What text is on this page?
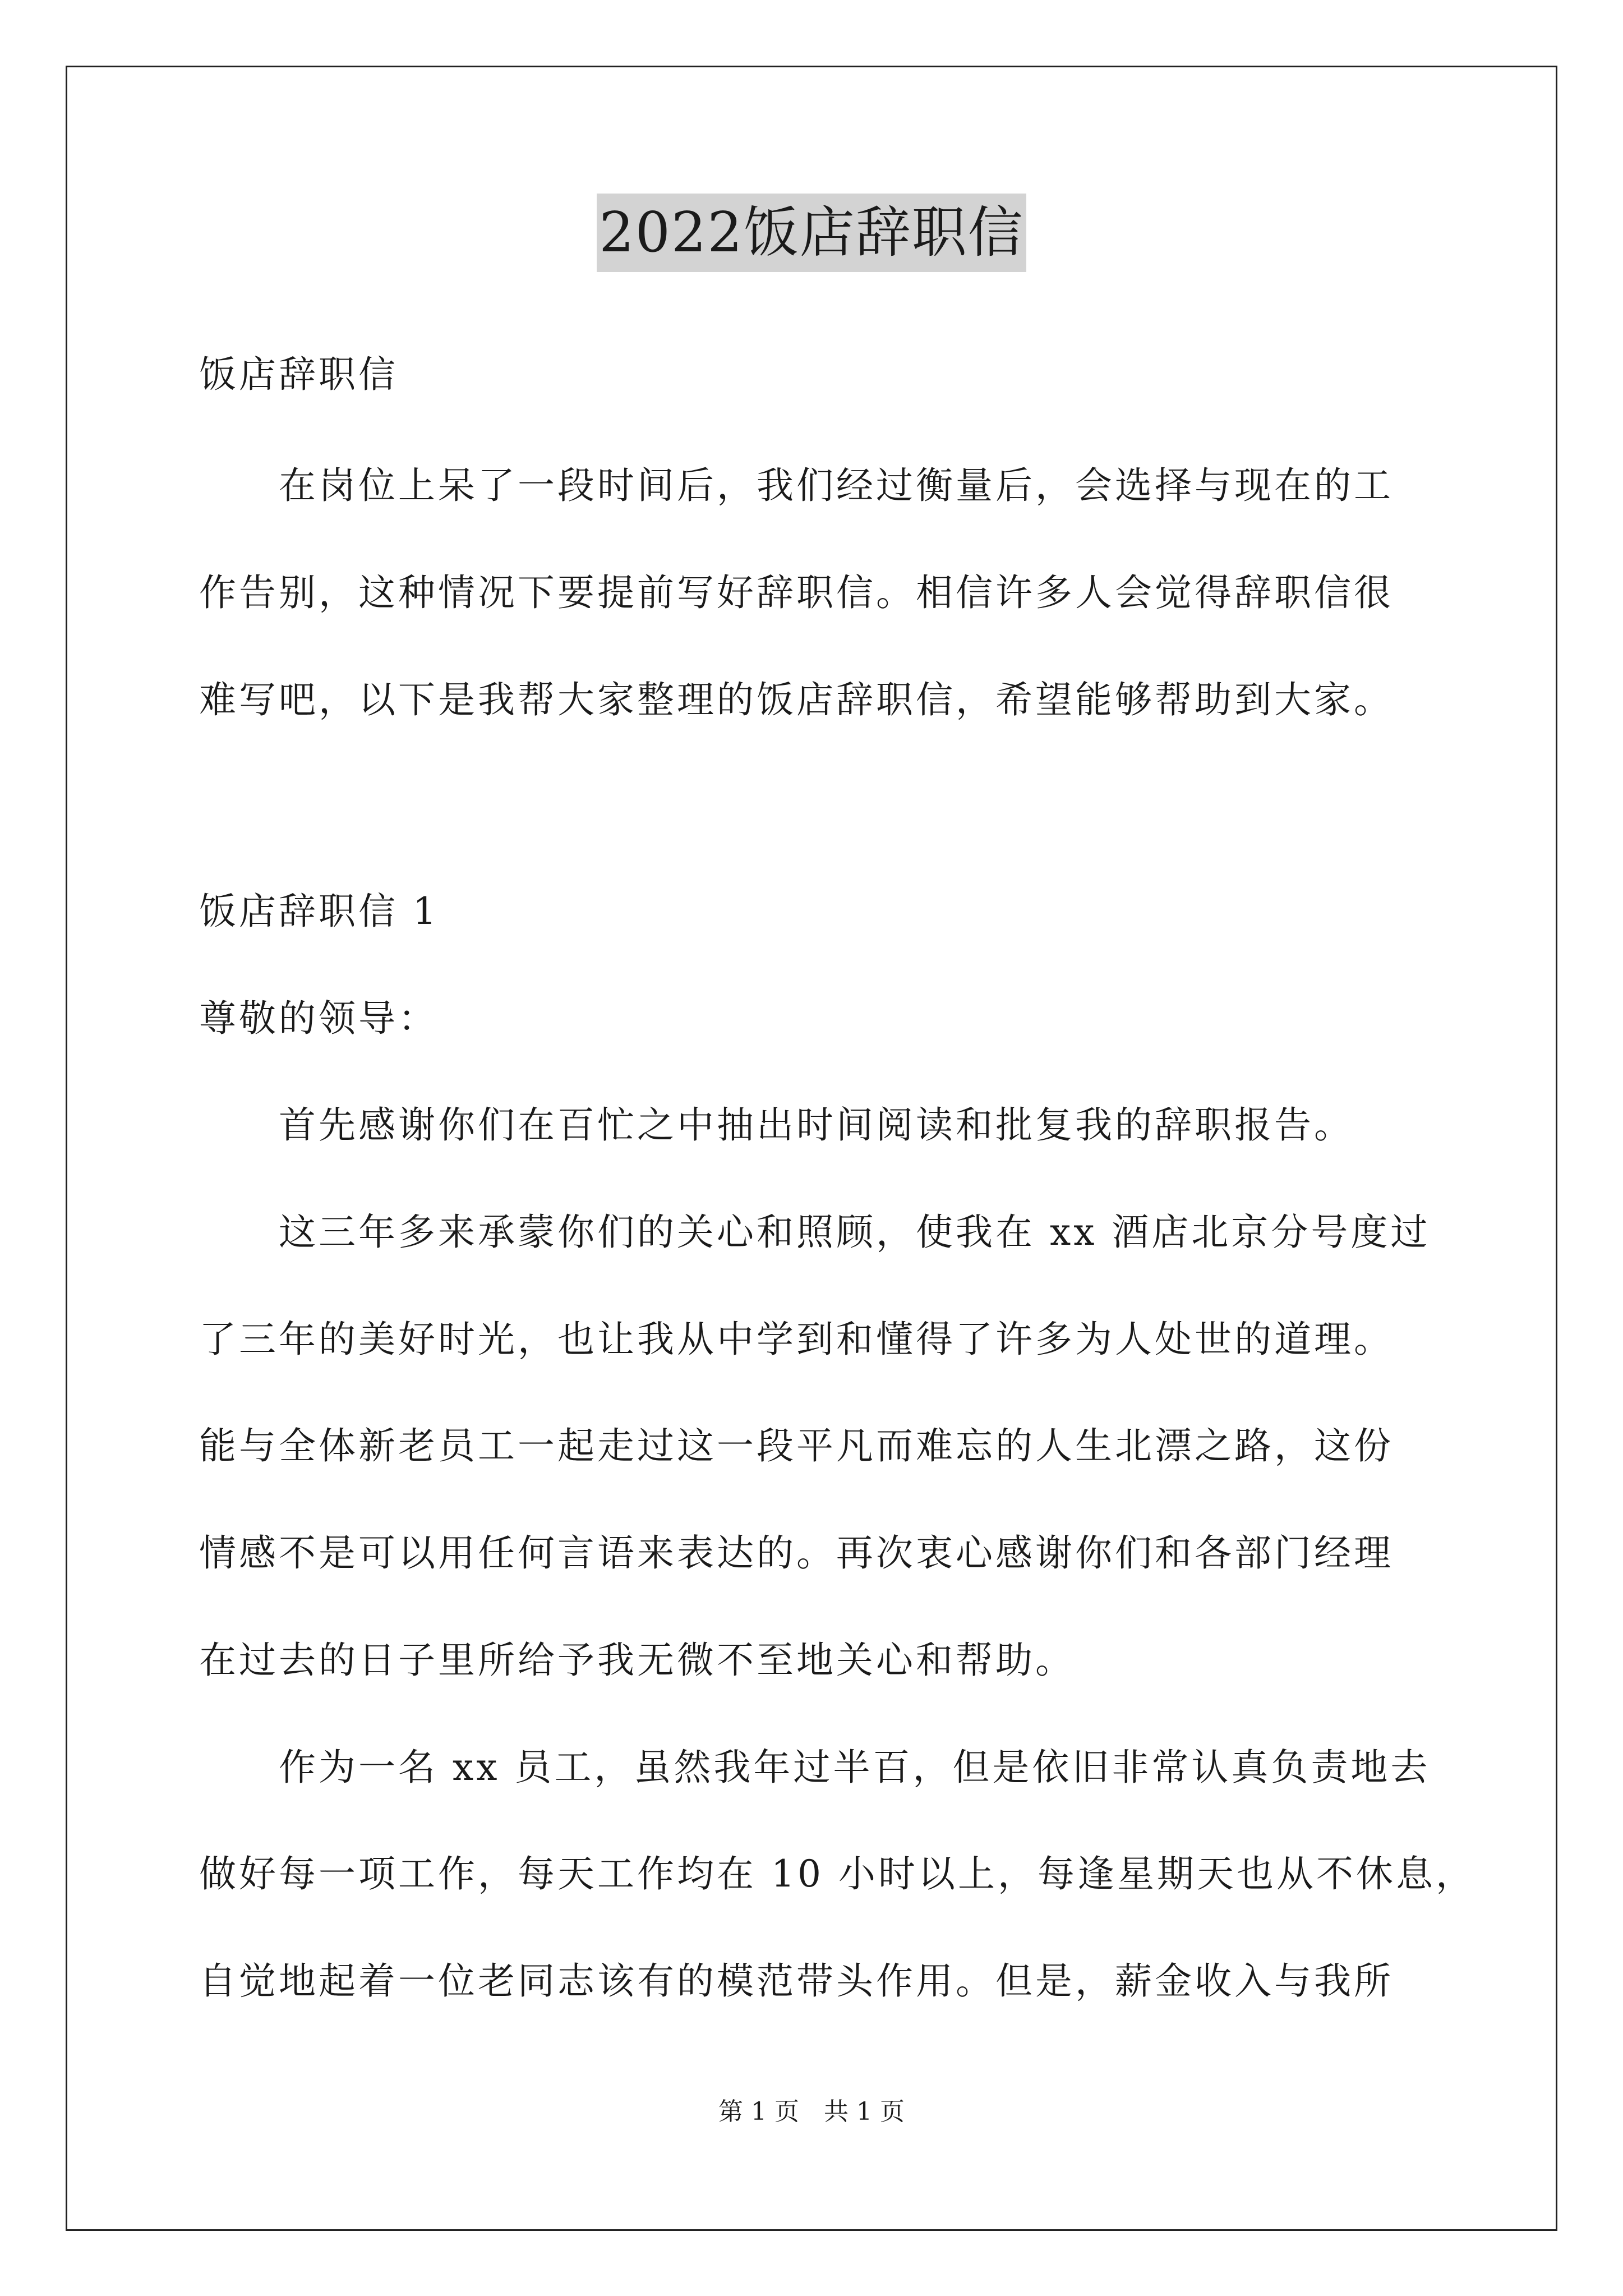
2022饭店辞职信
饭店辞职信
在岗位上呆了一段时间后，我们经过衡量后，会选择与现在的工
作告别，这种情况下要提前写好辞职信。相信许多人会觉得辞职信很
难写吧，以下是我帮大家整理的饭店辞职信，希望能够帮助到大家。
饭店辞职信 1
尊敬的领导：
首先感谢你们在百忙之中抽出时间阅读和批复我的辞职报告。
这三年多来承蒙你们的关心和照顾，使我在 xx 酒店北京分号度过
了三年的美好时光，也让我从中学到和懂得了许多为人处世的道理。
能与全体新老员工一起走过这一段平凡而难忘的人生北漂之路，这份
情感不是可以用任何言语来表达的。再次衷心感谢你们和各部门经理
在过去的日子里所给予我无微不至地关心和帮助。
作为一名 xx 员工，虽然我年过半百，但是依旧非常认真负责地去
做好每一项工作，每天工作均在 10 小时以上，每逢星期天也从不休息，
自觉地起着一位老同志该有的模范带头作用。但是，薪金收入与我所
第 1 页　共 1 页
